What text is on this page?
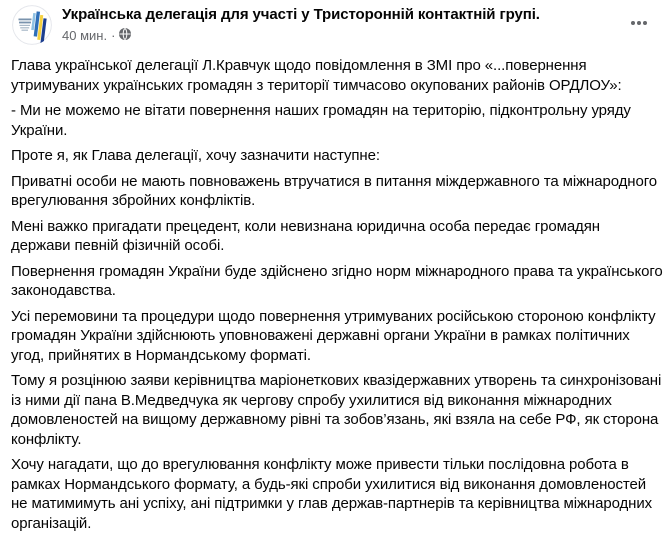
Українська делегація для участі у Тристоронній контактній групі.
40 мин. ·

Глава української делегації Л.Кравчук щодо повідомлення в ЗМІ про «...повернення утримуваних українських громадян з території тимчасово окупованих районів ОРДЛОУ»:

- Ми не можемо не вітати повернення наших громадян на територію, підконтрольну уряду України.

Проте я, як Глава делегації, хочу зазначити наступне:

Приватні особи не мають повноважень втручатися в питання міждержавного та міжнародного врегулювання збройних конфліктів.

Мені важко пригадати прецедент, коли невизнана юридична особа передає громадян держави певній фізичній особі.

Повернення громадян України буде здійснено згідно норм міжнародного права та українського законодавства.

Усі перемовини та процедури щодо повернення утримуваних російською стороною конфлікту громадян України здійснюють уповноважені державні органи України в рамках політичних угод, прийнятих в Нормандському форматі.

Тому я розцінюю заяви керівництва маріонеткових квазідержавних утворень та синхронізовані із ними дії пана В.Медведчука як чергову спробу ухилитися від виконання міжнародних домовленостей на вищому державному рівні та зобов’язань, які взяла на себе РФ, як сторона конфлікту.

Хочу нагадати, що до врегулювання конфлікту може привести тільки послідовна робота в рамках Нормандського формату, а будь-які спроби ухилитися від виконання домовленостей не матимимуть ані успіху, ані підтримки у глав держав-партнерів та керівництва міжнародних організацій.
